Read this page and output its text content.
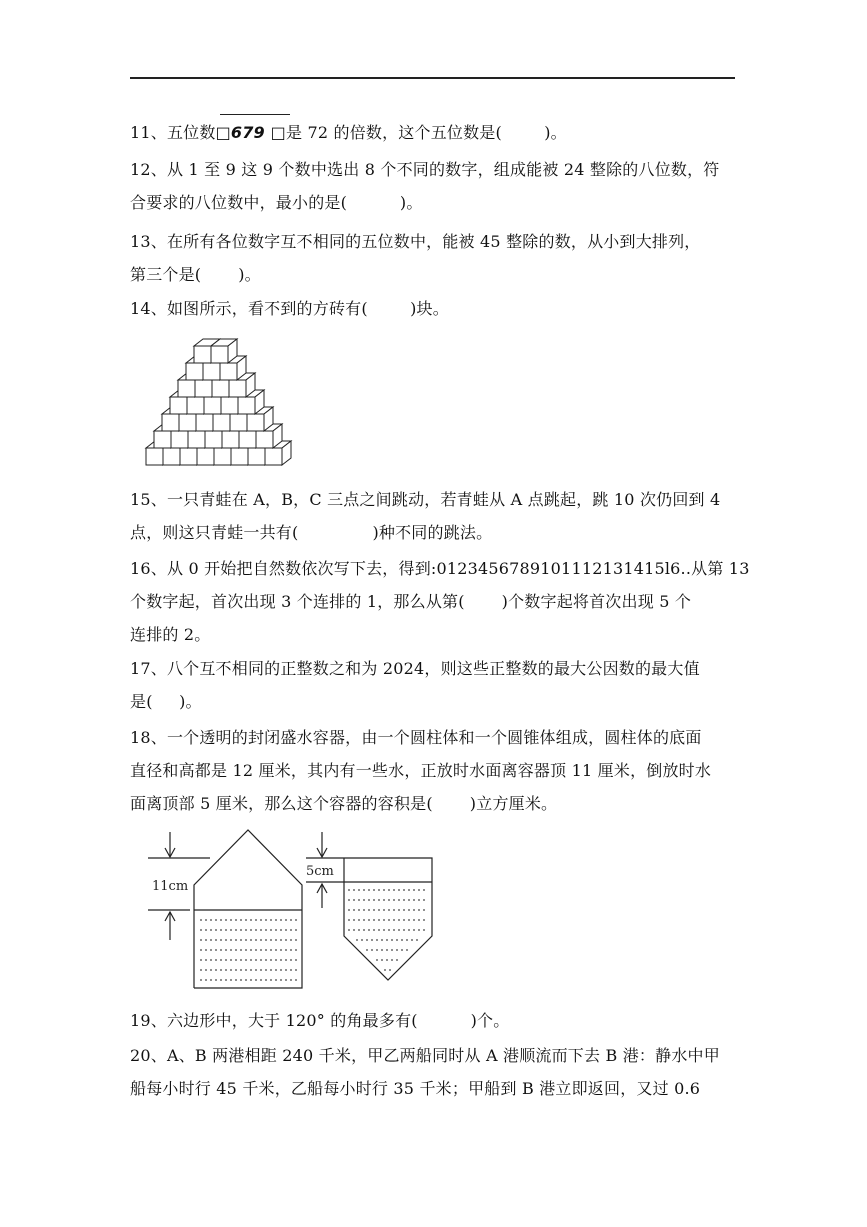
11、五位数□679 □是 72 的倍数，这个五位数是(        )。
12、从 1 至 9 这 9 个数中选出 8 个不同的数字，组成能被 24 整除的八位数，符
合要求的八位数中，最小的是(          )。
13、在所有各位数字互不相同的五位数中，能被 45 整除的数，从小到大排列，
第三个是(       )。
14、如图所示，看不到的方砖有(        )块。
15、一只青蛙在 A，B，C 三点之间跳动，若青蛙从 A 点跳起，跳 10 次仍回到 4
点，则这只青蛙一共有(              )种不同的跳法。
16、从 0 开始把自然数依次写下去，得到:0123456789101112131415l6..从第 13
个数字起，首次出现 3 个连排的 1，那么从第(       )个数字起将首次出现 5 个
连排的 2。
17、八个互不相同的正整数之和为 2024，则这些正整数的最大公因数的最大值
是(     )。
18、一个透明的封闭盛水容器，由一个圆柱体和一个圆锥体组成，圆柱体的底面
直径和高都是 12 厘米，其内有一些水，正放时水面离容器顶 11 厘米，倒放时水
面离顶部 5 厘米，那么这个容器的容积是(       )立方厘米。
11cm
5cm
19、六边形中，大于 120° 的角最多有(          )个。
20、A、B 两港相距 240 千米，甲乙两船同时从 A 港顺流而下去 B 港：静水中甲
船每小时行 45 千米，乙船每小时行 35 千米；甲船到 B 港立即返回，又过 0.6
